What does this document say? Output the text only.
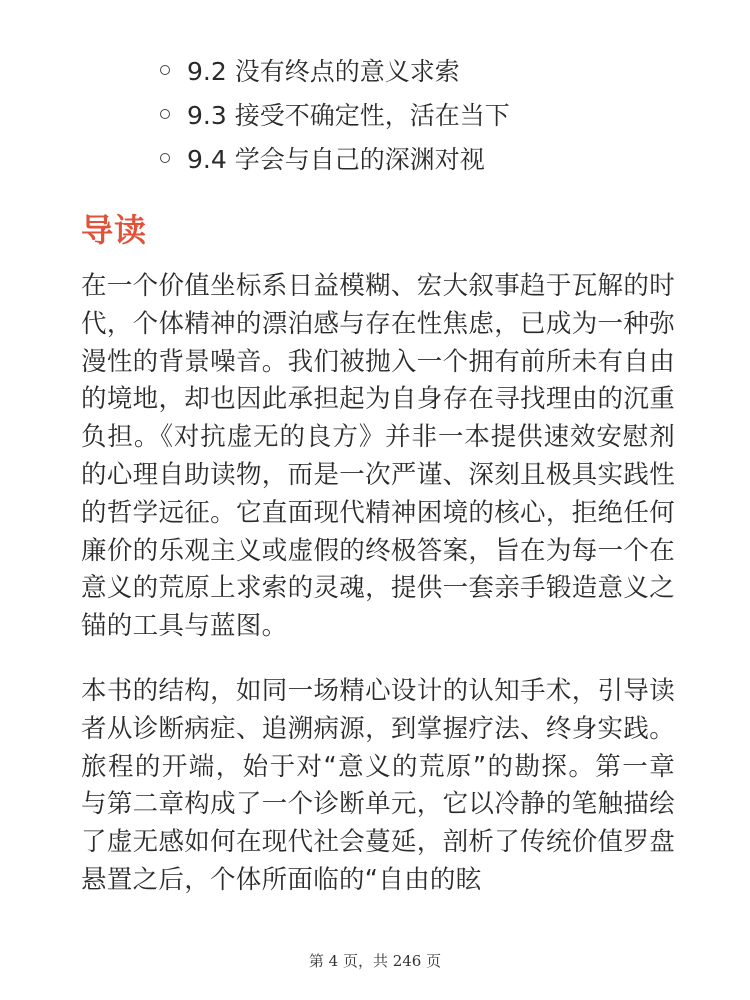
9.2 没有终点的意义求索
9.3 接受不确定性，活在当下
9.4 学会与自己的深渊对视
导读

在一个价值坐标系日益模糊、宏大叙事趋于瓦解的时代，个体精神的漂泊感与存在性焦虑，已成为一种弥漫性的背景噪音。我们被抛入一个拥有前所未有自由的境地，却也因此承担起为自身存在寻找理由的沉重负担。《对抗虚无的良方》并非一本提供速效安慰剂的心理自助读物，而是一次严谨、深刻且极具实践性的哲学远征。它直面现代精神困境的核心，拒绝任何廉价的乐观主义或虚假的终极答案，旨在为每一个在意义的荒原上求索的灵魂，提供一套亲手锻造意义之锚的工具与蓝图。

本书的结构，如同一场精心设计的认知手术，引导读者从诊断病症、追溯病源，到掌握疗法、终身实践。旅程的开端，始于对“意义的荒原”的勘探。第一章与第二章构成了一个诊断单元，它以冷静的笔触描绘了虚无感如何在现代社会蔓延，剖析了传统价值罗盘悬置之后，个体所面临的“自由的眩

第 4 页，共 246 页
